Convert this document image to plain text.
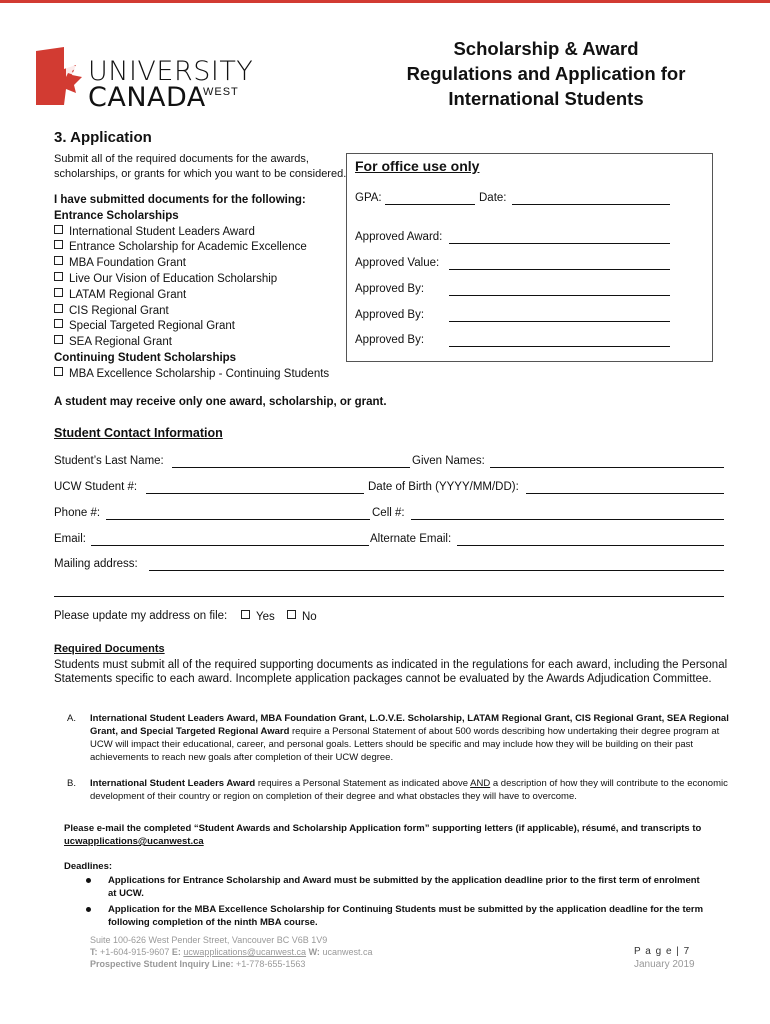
UNIVERSITY
CANADA
WEST
Scholarship & Award
Regulations and Application for
International Students
3. Application
Submit all of the required documents for the awards,
scholarships, or grants for which you want to be considered.
I have submitted documents for the following:
Entrance Scholarships
International Student Leaders Award
Entrance Scholarship for Academic Excellence
MBA Foundation Grant
Live Our Vision of Education Scholarship
LATAM Regional Grant
CIS Regional Grant
Special Targeted Regional Grant
SEA Regional Grant
Continuing Student Scholarships
MBA Excellence Scholarship - Continuing Students
For office use only
GPA:	Date:
Approved Award:
Approved Value:
Approved By:
Approved By:
Approved By:
A student may receive only one award, scholarship, or grant.
Student Contact Information
Student’s Last Name:	Given Names:
UCW Student #:	Date of Birth (YYYY/MM/DD):
Phone #:	Cell #:
Email:	Alternate Email:
Mailing address:
Please update my address on file:	Yes	No
Required Documents
Students must submit all of the required supporting documents as indicated in the regulations for each award, including the Personal Statements specific to each award. Incomplete application packages cannot be evaluated by the Awards Adjudication Committee.
A. International Student Leaders Award, MBA Foundation Grant, L.O.V.E. Scholarship, LATAM Regional Grant, CIS Regional Grant, SEA Regional Grant, and Special Targeted Regional Award require a Personal Statement of about 500 words describing how undertaking their degree program at UCW will impact their educational, career, and personal goals. Letters should be specific and may include how they will be building on their past achievements to reach new goals after completion of their UCW degree.
B. International Student Leaders Award requires a Personal Statement as indicated above AND a description of how they will contribute to the economic development of their country or region on completion of their degree and what obstacles they will have to overcome.
Please e-mail the completed “Student Awards and Scholarship Application form” supporting letters (if applicable), résumé, and transcripts to ucwapplications@ucanwest.ca
Deadlines:
Applications for Entrance Scholarship and Award must be submitted by the application deadline prior to the first term of enrolment at UCW.
Application for the MBA Excellence Scholarship for Continuing Students must be submitted by the application deadline for the term following completion of the ninth MBA course.
Suite 100-626 West Pender Street, Vancouver BC V6B 1V9
T: +1-604-915-9607 E: ucwapplications@ucanwest.ca W: ucanwest.ca
Prospective Student Inquiry Line: +1-778-655-1563
P a g e | 7
January 2019
